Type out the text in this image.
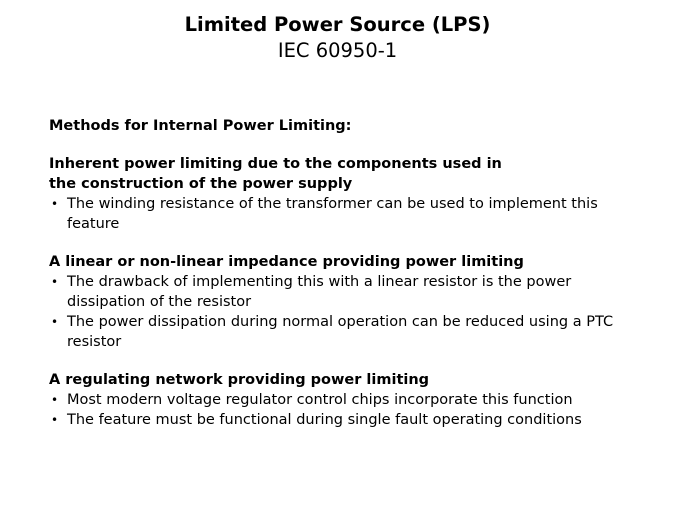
Limited Power Source (LPS)
IEC 60950-1
Methods for Internal Power Limiting:
Inherent power limiting due to the components used in
the construction of the power supply
• The winding resistance of the transformer can be used to implement this feature
A linear or non-linear impedance providing power limiting
• The drawback of implementing this with a linear resistor is the power dissipation of the resistor
• The power dissipation during normal operation can be reduced using a PTC resistor
A regulating network providing power limiting
• Most modern voltage regulator control chips incorporate this function
• The feature must be functional during single fault operating conditions
